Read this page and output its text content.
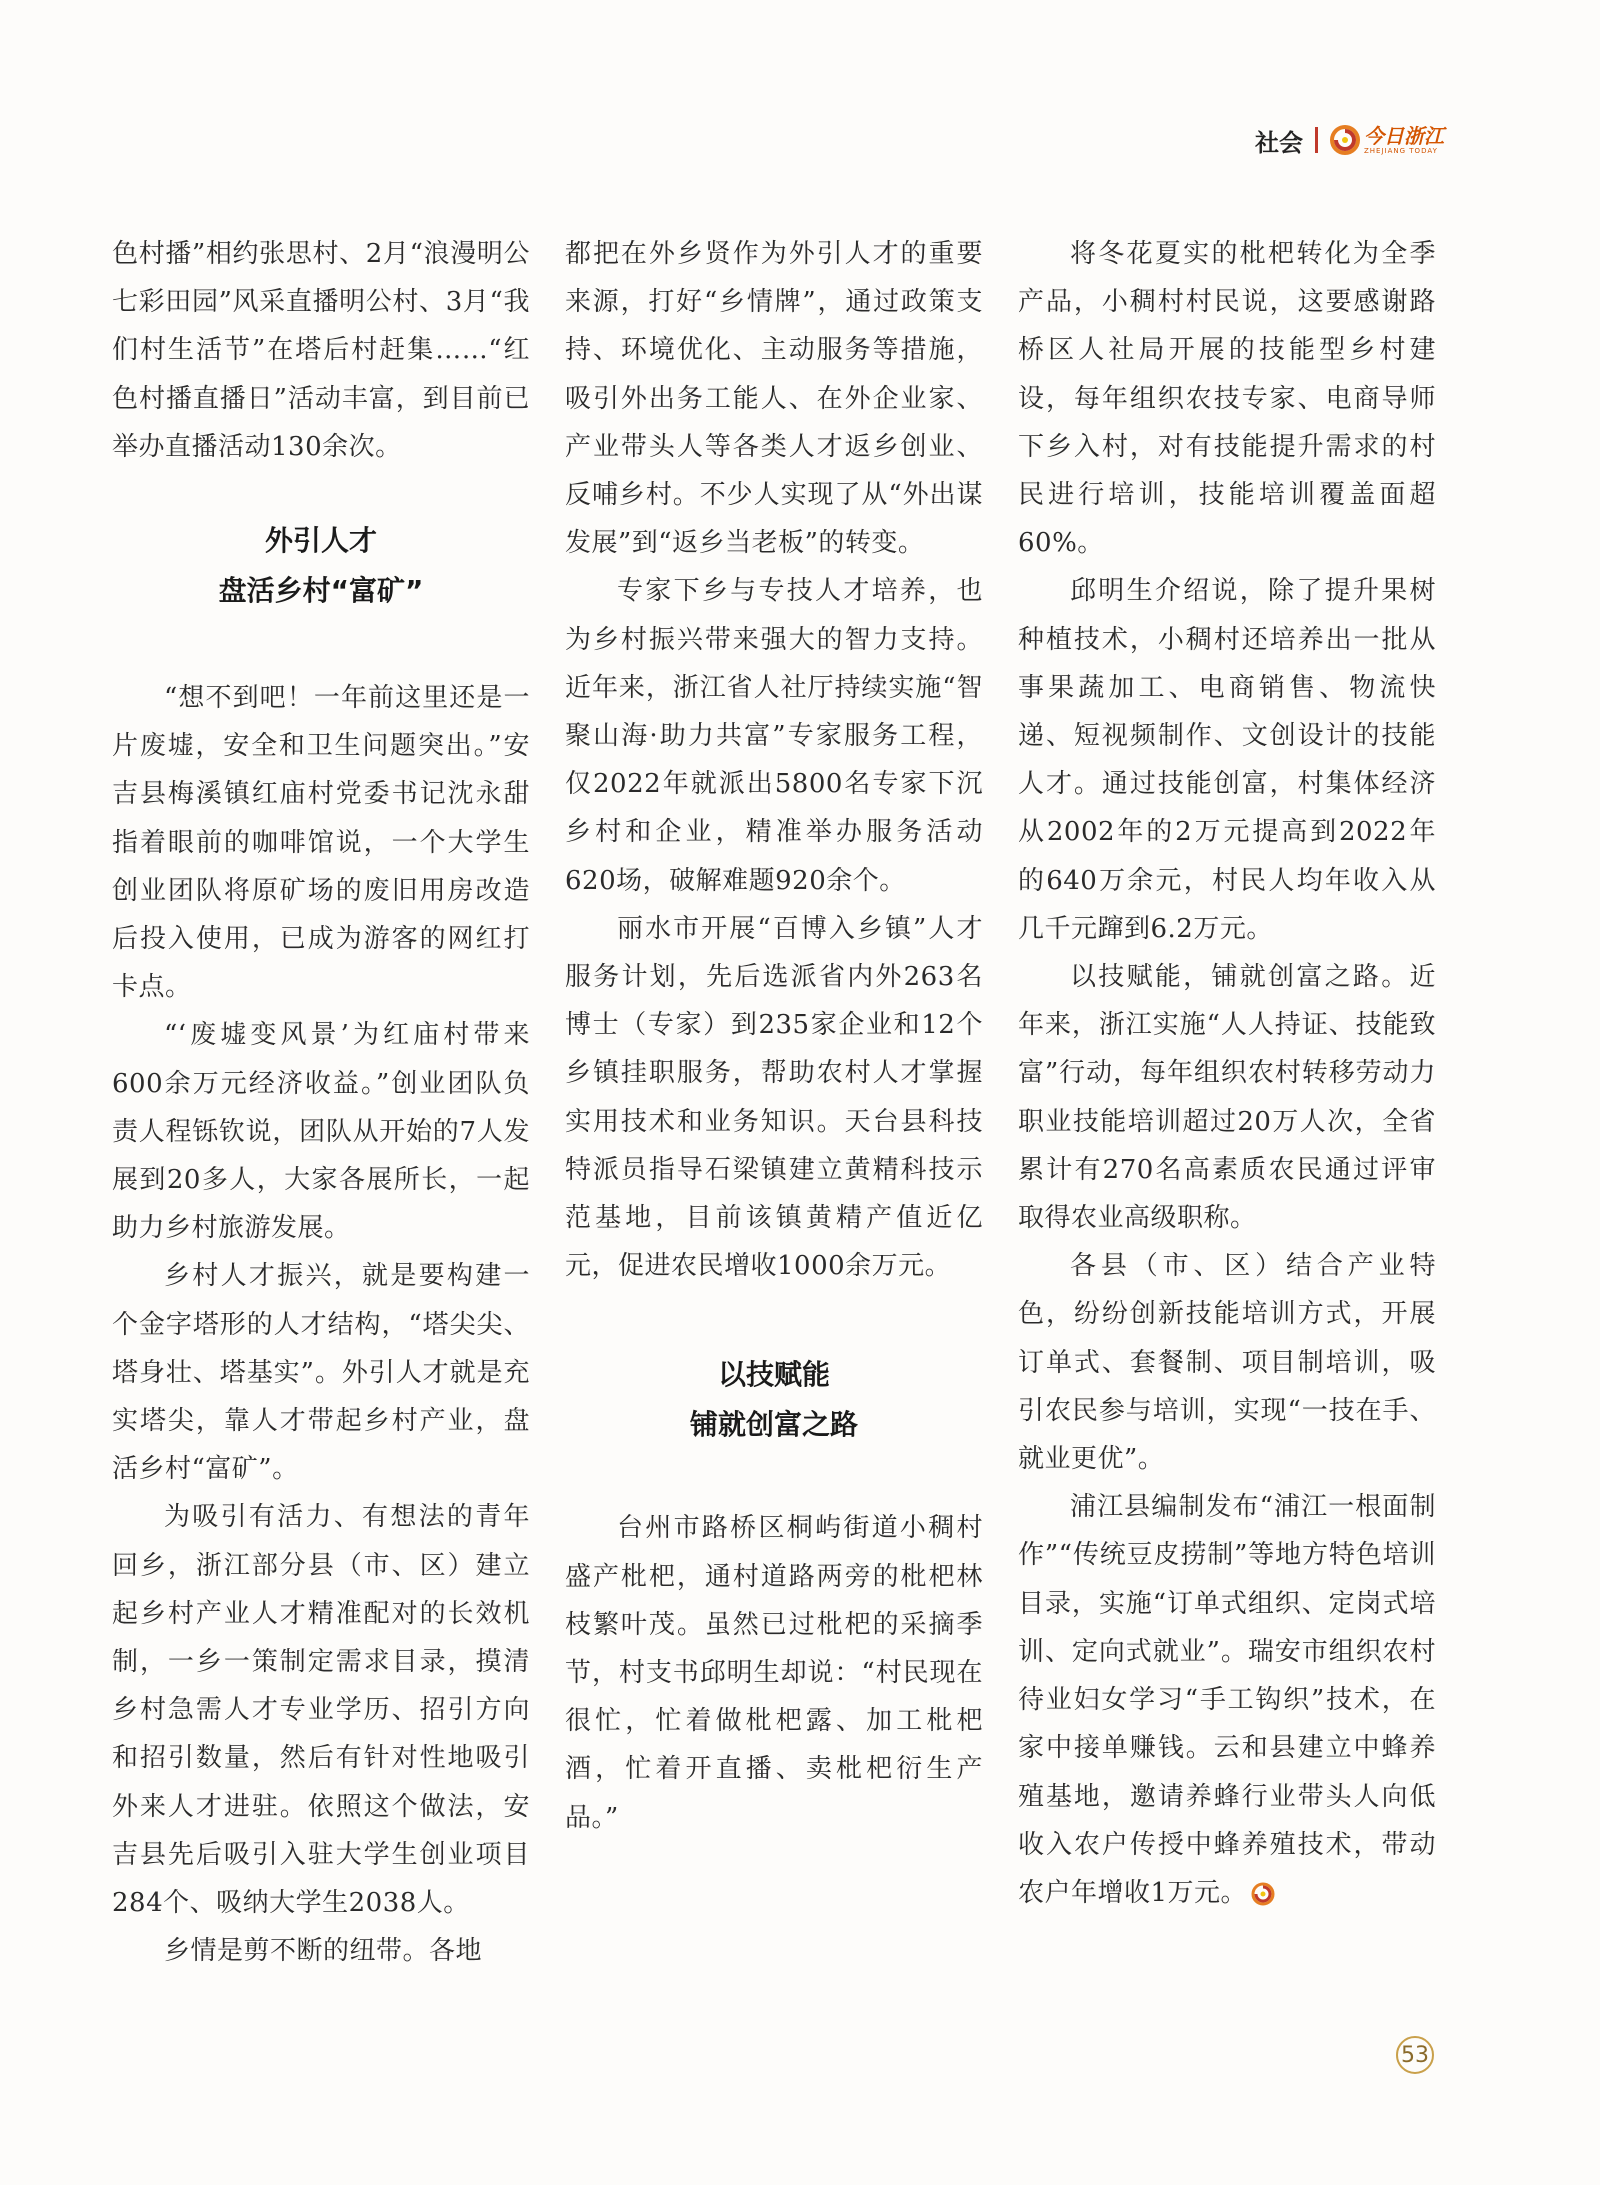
社会	今日浙江
ZHEJIANG TODAY

色村播”相约张思村、2月“浪漫明公七彩田园”风采直播明公村、3月“我们村生活节”在塔后村赶集……“红色村播直播日”活动丰富，到目前已举办直播活动130余次。

外引人才
盘活乡村“富矿”

“想不到吧！一年前这里还是一片废墟，安全和卫生问题突出。”安吉县梅溪镇红庙村党委书记沈永甜指着眼前的咖啡馆说，一个大学生创业团队将原矿场的废旧用房改造后投入使用，已成为游客的网红打卡点。

“‘废墟变风景’为红庙村带来600余万元经济收益。”创业团队负责人程铄钦说，团队从开始的7人发展到20多人，大家各展所长，一起助力乡村旅游发展。

乡村人才振兴，就是要构建一个金字塔形的人才结构，“塔尖尖、塔身壮、塔基实”。外引人才就是充实塔尖，靠人才带起乡村产业，盘活乡村“富矿”。

为吸引有活力、有想法的青年回乡，浙江部分县（市、区）建立起乡村产业人才精准配对的长效机制，一乡一策制定需求目录，摸清乡村急需人才专业学历、招引方向和招引数量，然后有针对性地吸引外来人才进驻。依照这个做法，安吉县先后吸引入驻大学生创业项目284个、吸纳大学生2038人。

乡情是剪不断的纽带。各地

都把在外乡贤作为外引人才的重要来源，打好“乡情牌”，通过政策支持、环境优化、主动服务等措施，吸引外出务工能人、在外企业家、产业带头人等各类人才返乡创业、反哺乡村。不少人实现了从“外出谋发展”到“返乡当老板”的转变。

专家下乡与专技人才培养，也为乡村振兴带来强大的智力支持。近年来，浙江省人社厅持续实施“智聚山海·助力共富”专家服务工程，仅2022年就派出5800名专家下沉乡村和企业，精准举办服务活动620场，破解难题920余个。

丽水市开展“百博入乡镇”人才服务计划，先后选派省内外263名博士（专家）到235家企业和12个乡镇挂职服务，帮助农村人才掌握实用技术和业务知识。天台县科技特派员指导石梁镇建立黄精科技示范基地，目前该镇黄精产值近亿元，促进农民增收1000余万元。

以技赋能
铺就创富之路

台州市路桥区桐屿街道小稠村盛产枇杷，通村道路两旁的枇杷林枝繁叶茂。虽然已过枇杷的采摘季节，村支书邱明生却说：“村民现在很忙，忙着做枇杷露、加工枇杷酒，忙着开直播、卖枇杷衍生产品。”

将冬花夏实的枇杷转化为全季产品，小稠村村民说，这要感谢路桥区人社局开展的技能型乡村建设，每年组织农技专家、电商导师下乡入村，对有技能提升需求的村民进行培训，技能培训覆盖面超60%。

邱明生介绍说，除了提升果树种植技术，小稠村还培养出一批从事果蔬加工、电商销售、物流快递、短视频制作、文创设计的技能人才。通过技能创富，村集体经济从2002年的2万元提高到2022年的640万余元，村民人均年收入从几千元蹿到6.2万元。

以技赋能，铺就创富之路。近年来，浙江实施“人人持证、技能致富”行动，每年组织农村转移劳动力职业技能培训超过20万人次，全省累计有270名高素质农民通过评审取得农业高级职称。

各县（市、区）结合产业特色，纷纷创新技能培训方式，开展订单式、套餐制、项目制培训，吸引农民参与培训，实现“一技在手、就业更优”。

浦江县编制发布“浦江一根面制作”“传统豆皮捞制”等地方特色培训目录，实施“订单式组织、定岗式培训、定向式就业”。瑞安市组织农村待业妇女学习“手工钩织”技术，在家中接单赚钱。云和县建立中蜂养殖基地，邀请养蜂行业带头人向低收入农户传授中蜂养殖技术，带动农户年增收1万元。

53
